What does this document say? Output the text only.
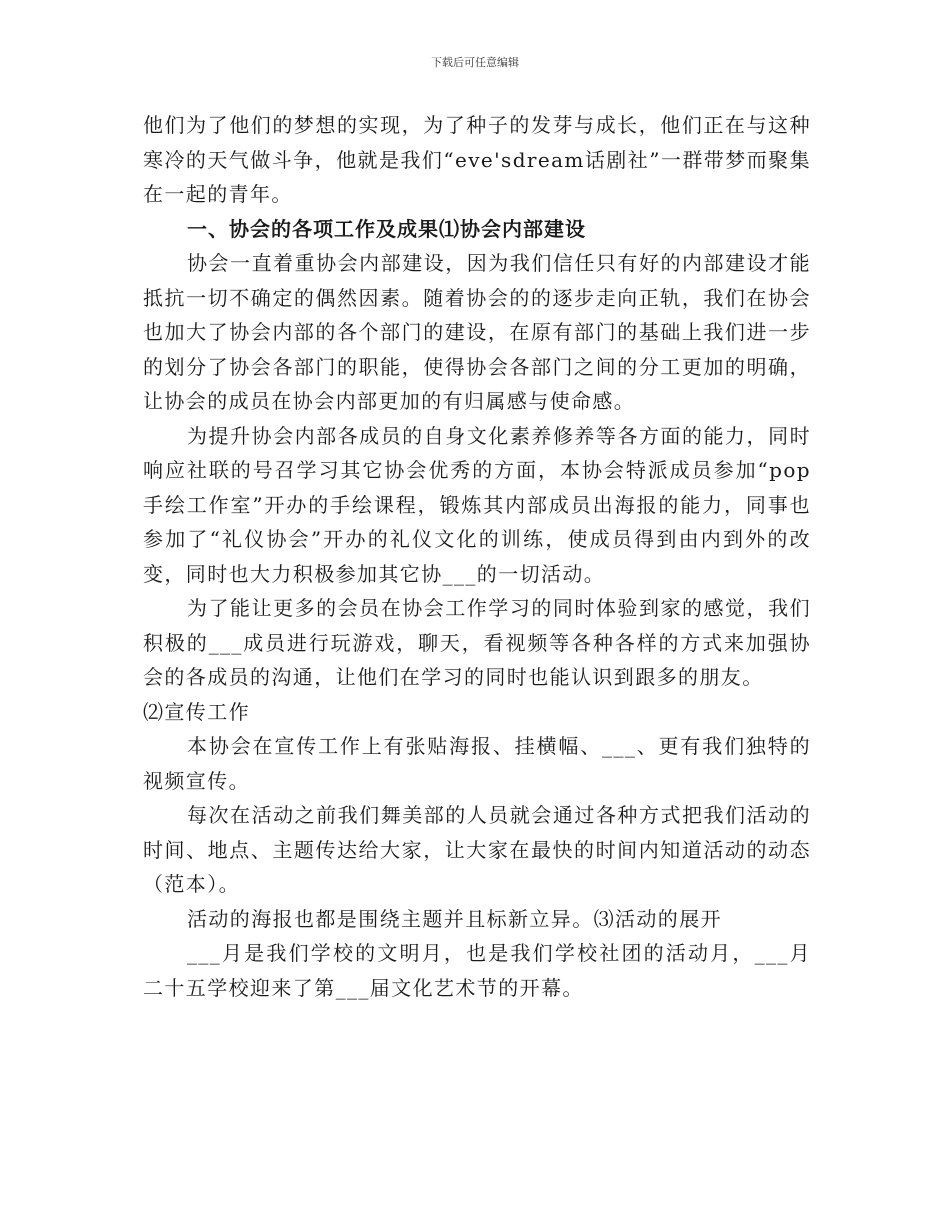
下载后可任意编辑

他们为了他们的梦想的实现，为了种子的发芽与成长，他们正在与这种寒冷的天气做斗争，他就是我们“eve'sdream话剧社”一群带梦而聚集在一起的青年。

一、协会的各项工作及成果⑴协会内部建设

协会一直着重协会内部建设，因为我们信任只有好的内部建设才能抵抗一切不确定的偶然因素。随着协会的的逐步走向正轨，我们在协会也加大了协会内部的各个部门的建设，在原有部门的基础上我们进一步的划分了协会各部门的职能，使得协会各部门之间的分工更加的明确，让协会的成员在协会内部更加的有归属感与使命感。

为提升协会内部各成员的自身文化素养修养等各方面的能力，同时响应社联的号召学习其它协会优秀的方面，本协会特派成员参加“pop手绘工作室”开办的手绘课程，锻炼其内部成员出海报的能力，同事也参加了“礼仪协会”开办的礼仪文化的训练，使成员得到由内到外的改变，同时也大力积极参加其它协___的一切活动。

为了能让更多的会员在协会工作学习的同时体验到家的感觉，我们积极的___成员进行玩游戏，聊天，看视频等各种各样的方式来加强协会的各成员的沟通，让他们在学习的同时也能认识到跟多的朋友。

⑵宣传工作

本协会在宣传工作上有张贴海报、挂横幅、___、更有我们独特的视频宣传。

每次在活动之前我们舞美部的人员就会通过各种方式把我们活动的时间、地点、主题传达给大家，让大家在最快的时间内知道活动的动态（范本）。

活动的海报也都是围绕主题并且标新立异。⑶活动的展开

___月是我们学校的文明月，也是我们学校社团的活动月，___月二十五学校迎来了第___届文化艺术节的开幕。
